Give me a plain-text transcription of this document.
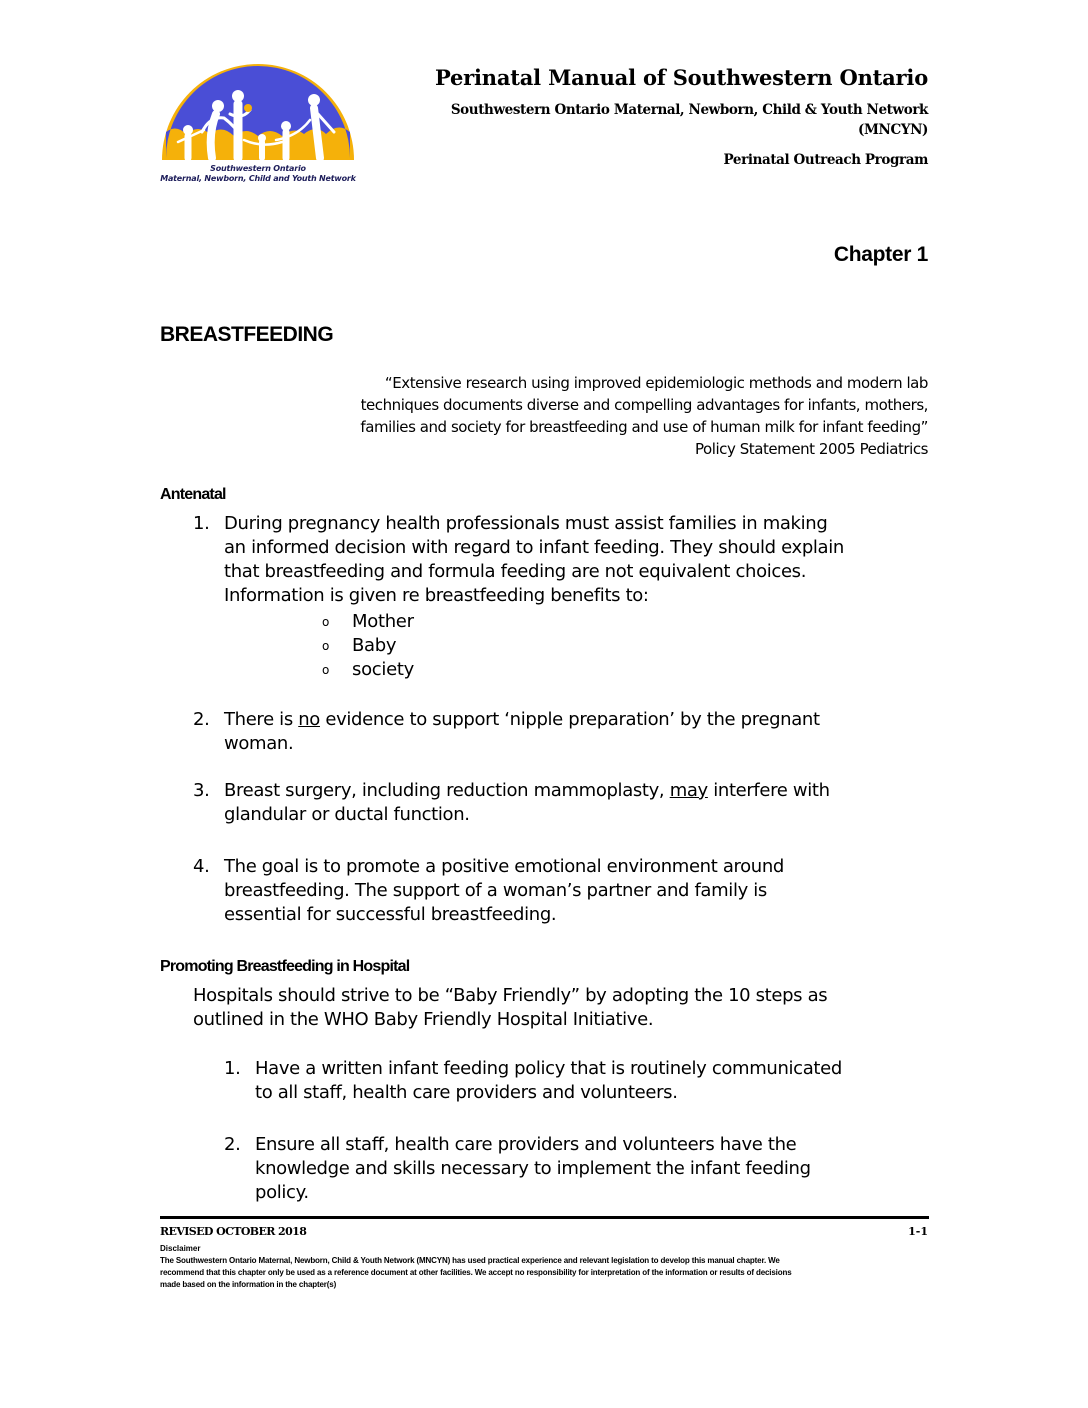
Southwestern Ontario
Maternal, Newborn, Child and Youth Network
Perinatal Manual of Southwestern Ontario
Southwestern Ontario Maternal, Newborn, Child & Youth Network
(MNCYN)
Perinatal Outreach Program
Chapter 1
BREASTFEEDING
“Extensive research using improved epidemiologic methods and modern lab
techniques documents diverse and compelling advantages for infants, mothers,
families and society for breastfeeding and use of human milk for infant feeding”
Policy Statement 2005 Pediatrics
Antenatal
1. During pregnancy health professionals must assist families in making
an informed decision with regard to infant feeding. They should explain
that breastfeeding and formula feeding are not equivalent choices.
Information is given re breastfeeding benefits to:
o Mother
o Baby
o society
2. There is no evidence to support ‘nipple preparation’ by the pregnant
woman.
3. Breast surgery, including reduction mammoplasty, may interfere with
glandular or ductal function.
4. The goal is to promote a positive emotional environment around
breastfeeding. The support of a woman’s partner and family is
essential for successful breastfeeding.
Promoting Breastfeeding in Hospital
Hospitals should strive to be “Baby Friendly” by adopting the 10 steps as
outlined in the WHO Baby Friendly Hospital Initiative.
1. Have a written infant feeding policy that is routinely communicated
to all staff, health care providers and volunteers.
2. Ensure all staff, health care providers and volunteers have the
knowledge and skills necessary to implement the infant feeding
policy.
REVISED OCTOBER 2018	1-1
Disclaimer
The Southwestern Ontario Maternal, Newborn, Child & Youth Network (MNCYN) has used practical experience and relevant legislation to develop this manual chapter. We
recommend that this chapter only be used as a reference document at other facilities. We accept no responsibility for interpretation of the information or results of decisions
made based on the information in the chapter(s)
